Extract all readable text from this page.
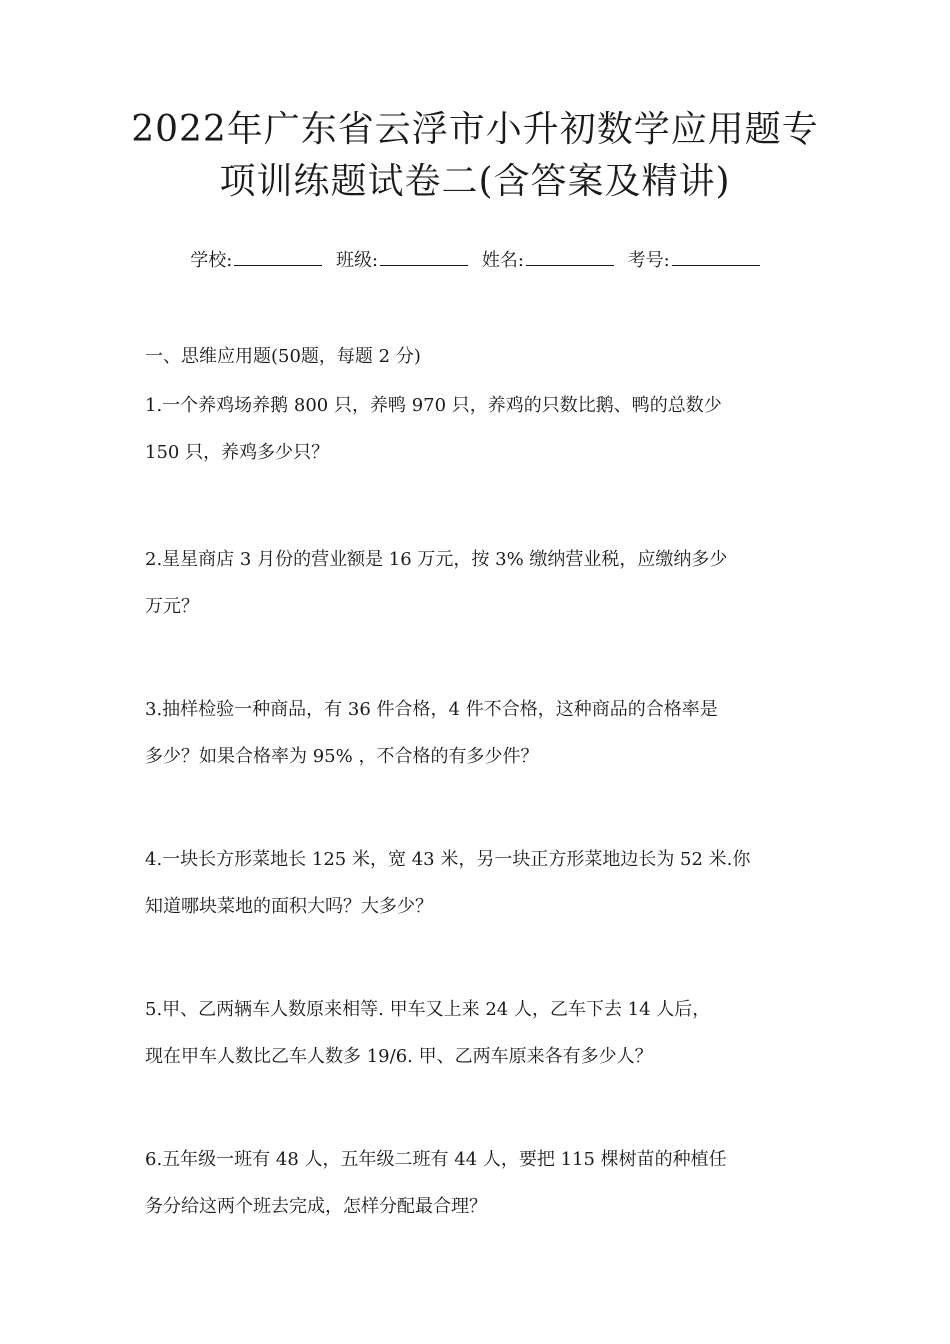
2022年广东省云浮市小升初数学应用题专
项训练题试卷二(含答案及精讲)
学校:	班级:	姓名:	考号:
一、思维应用题(50题，每题 2 分)
1.一个养鸡场养鹅 800 只，养鸭 970 只，养鸡的只数比鹅、鸭的总数少
150 只，养鸡多少只？
2.星星商店 3 月份的营业额是 16 万元，按 3% 缴纳营业税，应缴纳多少
万元？
3.抽样检验一种商品，有 36 件合格，4 件不合格，这种商品的合格率是
多少？如果合格率为 95% ，不合格的有多少件？
4.一块长方形菜地长 125 米，宽 43 米，另一块正方形菜地边长为 52 米.你
知道哪块菜地的面积大吗？大多少？
5.甲、乙两辆车人数原来相等. 甲车又上来 24 人，乙车下去 14 人后，
现在甲车人数比乙车人数多 19/6. 甲、乙两车原来各有多少人？
6.五年级一班有 48 人，五年级二班有 44 人，要把 115 棵树苗的种植任
务分给这两个班去完成，怎样分配最合理？
